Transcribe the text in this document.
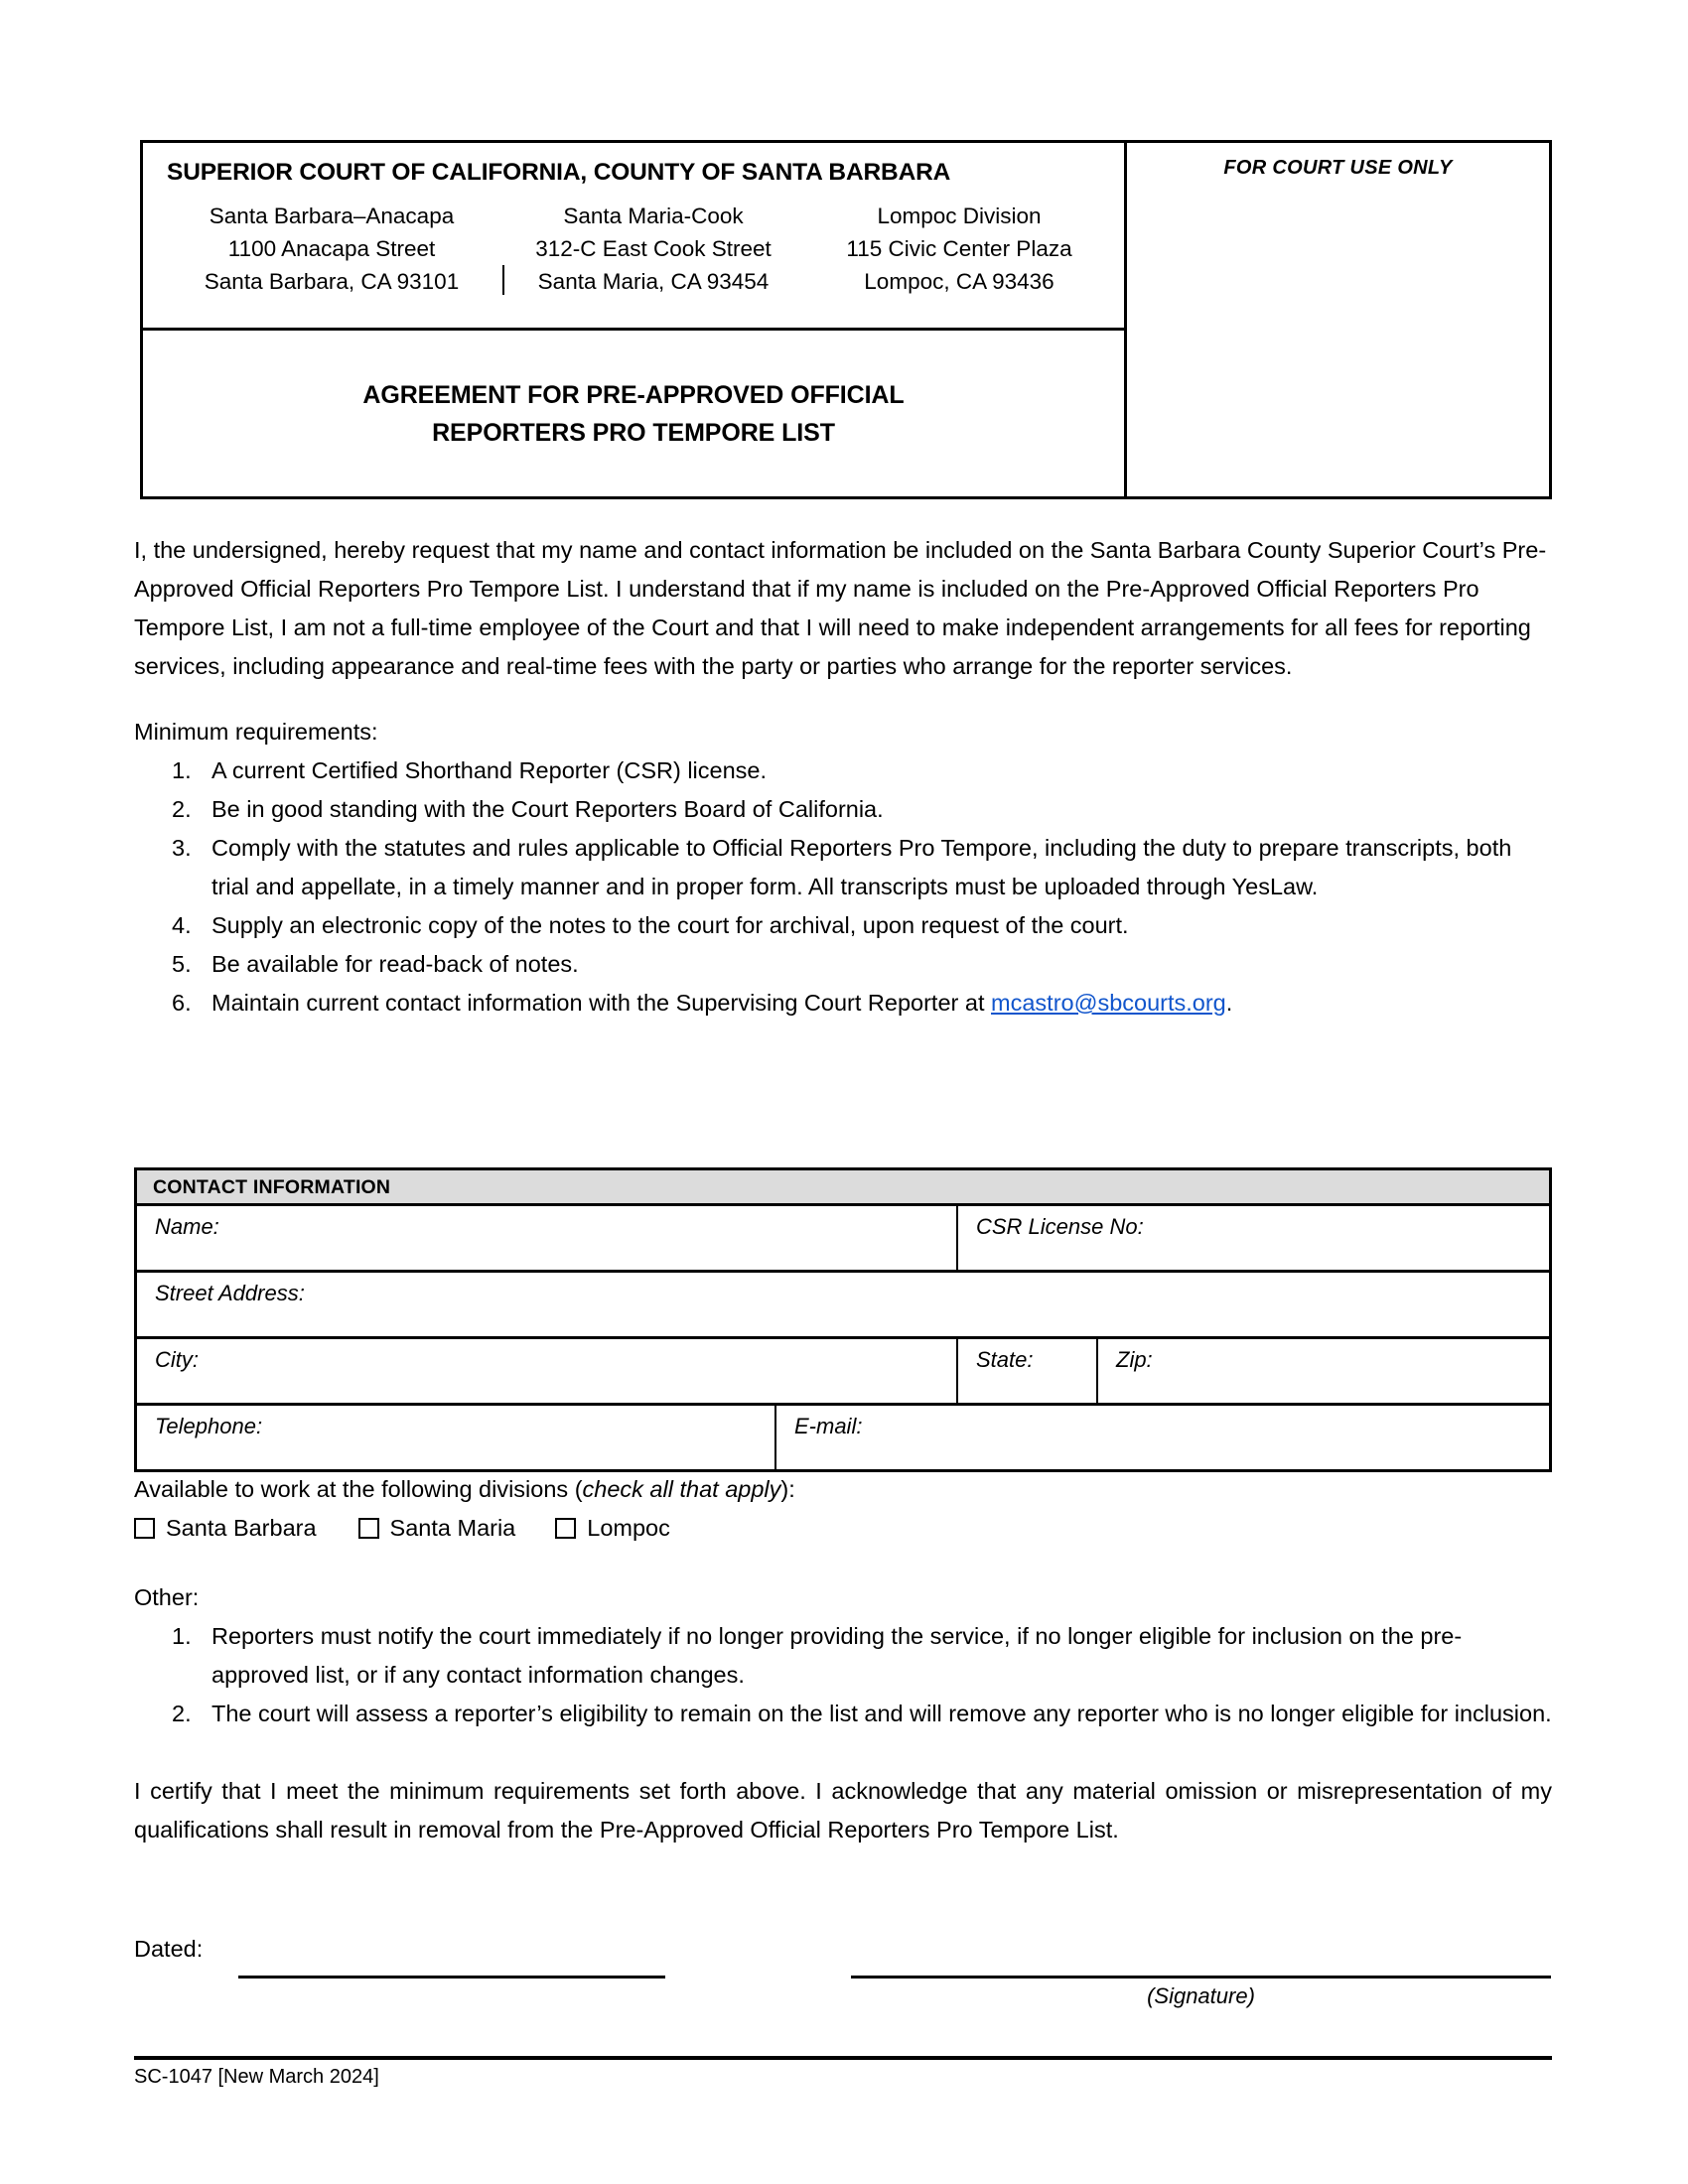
SUPERIOR COURT OF CALIFORNIA, COUNTY OF SANTA BARBARA
Santa Barbara–Anacapa
1100 Anacapa Street
Santa Barbara, CA 93101
Santa Maria-Cook
312-C East Cook Street
Santa Maria, CA 93454
Lompoc Division
115 Civic Center Plaza
Lompoc, CA 93436
AGREEMENT FOR PRE-APPROVED OFFICIAL
REPORTERS PRO TEMPORE LIST
FOR COURT USE ONLY

I, the undersigned, hereby request that my name and contact information be included on the Santa Barbara County Superior Court’s Pre-Approved Official Reporters Pro Tempore List. I understand that if my name is included on the Pre-Approved Official Reporters Pro Tempore List, I am not a full-time employee of the Court and that I will need to make independent arrangements for all fees for reporting services, including appearance and real-time fees with the party or parties who arrange for the reporter services.

Minimum requirements:

A current Certified Shorthand Reporter (CSR) license.
Be in good standing with the Court Reporters Board of California.
Comply with the statutes and rules applicable to Official Reporters Pro Tempore, including the duty to prepare transcripts, both trial and appellate, in a timely manner and in proper form. All transcripts must be uploaded through YesLaw.
Supply an electronic copy of the notes to the court for archival, upon request of the court.
Be available for read-back of notes.
Maintain current contact information with the Supervising Court Reporter at mcastro@sbcourts.org.
CONTACT INFORMATION
Name:	CSR License No:
Street Address:
City:	State:	Zip:
Telephone:	E-mail:
Available to work at the following divisions (check all that apply):
Santa Barbara	Santa Maria	Lompoc

Other:

Reporters must notify the court immediately if no longer providing the service, if no longer eligible for inclusion on the pre-approved list, or if any contact information changes.
The court will assess a reporter’s eligibility to remain on the list and will remove any reporter who is no longer eligible for inclusion.

I certify that I meet the minimum requirements set forth above. I acknowledge that any material omission or misrepresentation of my qualifications shall result in removal from the Pre-Approved Official Reporters Pro Tempore List.

Dated:
(Signature)
SC-1047 [New March 2024]
